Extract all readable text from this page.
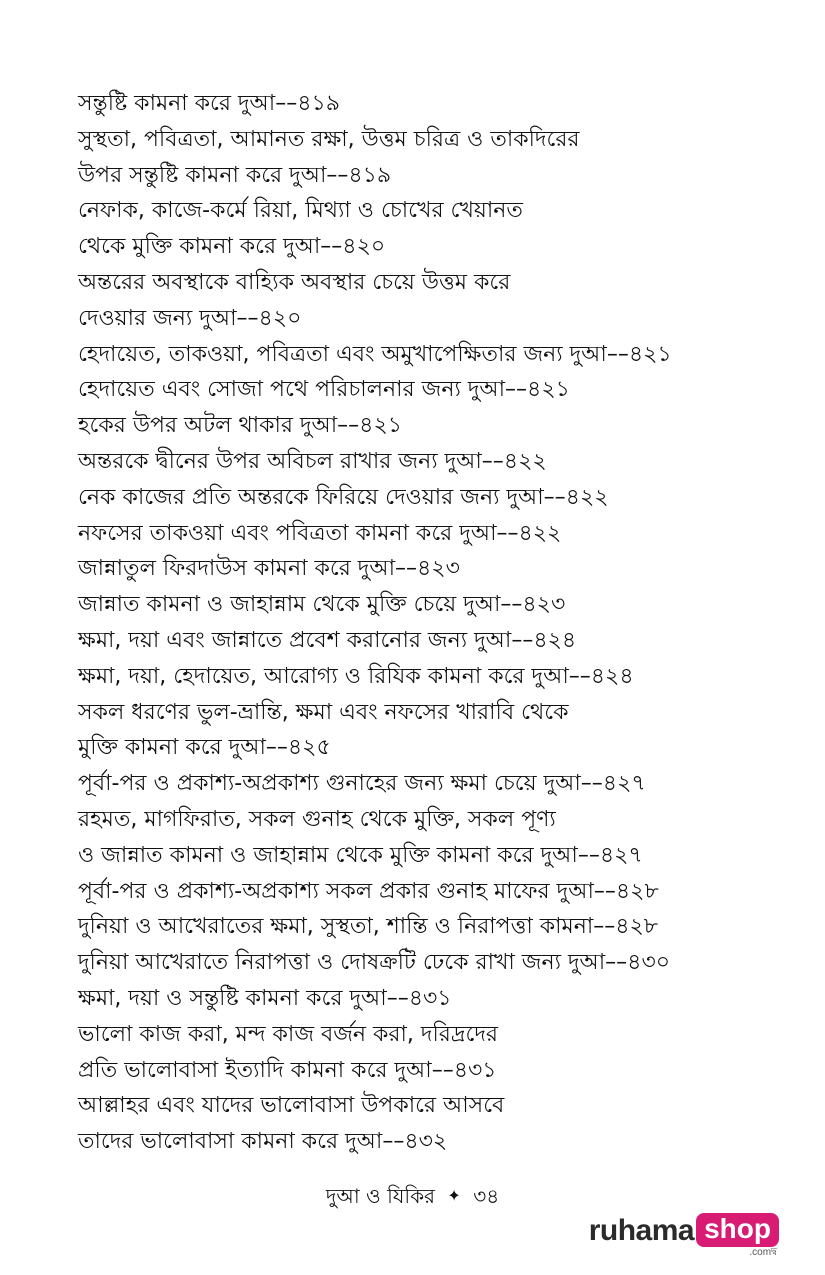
সন্তুষ্টি কামনা করে দুআ––৪১৯
সুস্থতা, পবিত্রতা, আমানত রক্ষা, উত্তম চরিত্র ও তাকদিরের
উপর সন্তুষ্টি কামনা করে দুআ––৪১৯
নেফাক, কাজে-কর্মে রিয়া, মিথ্যা ও চোখের খেয়ানত
থেকে মুক্তি কামনা করে দুআ––৪২০
অন্তরের অবস্থাকে বাহ্যিক অবস্থার চেয়ে উত্তম করে
দেওয়ার জন্য দুআ––৪২০
হেদায়েত, তাকওয়া, পবিত্রতা এবং অমুখাপেক্ষিতার জন্য দুআ––৪২১
হেদায়েত এবং সোজা পথে পরিচালনার জন্য দুআ––৪২১
হকের উপর অটল থাকার দুআ––৪২১
অন্তরকে দ্বীনের উপর অবিচল রাখার জন্য দুআ––৪২২
নেক কাজের প্রতি অন্তরকে ফিরিয়ে দেওয়ার জন্য দুআ––৪২২
নফসের তাকওয়া এবং পবিত্রতা কামনা করে দুআ––৪২২
জান্নাতুল ফিরদাউস কামনা করে দুআ––৪২৩
জান্নাত কামনা ও জাহান্নাম থেকে মুক্তি চেয়ে দুআ––৪২৩
ক্ষমা, দয়া এবং জান্নাতে প্রবেশ করানোর জন্য দুআ––৪২৪
ক্ষমা, দয়া, হেদায়েত, আরোগ্য ও রিযিক কামনা করে দুআ––৪২৪
সকল ধরণের ভুল-ভ্রান্তি, ক্ষমা এবং নফসের খারাবি থেকে
মুক্তি কামনা করে দুআ––৪২৫
পূর্বা-পর ও প্রকাশ্য-অপ্রকাশ্য গুনাহের জন্য ক্ষমা চেয়ে দুআ––৪২৭
রহমত, মাগফিরাত, সকল গুনাহ থেকে মুক্তি, সকল পূণ্য
ও জান্নাত কামনা ও জাহান্নাম থেকে মুক্তি কামনা করে দুআ––৪২৭
পূর্বা-পর ও প্রকাশ্য-অপ্রকাশ্য সকল প্রকার গুনাহ মাফের দুআ––৪২৮
দুনিয়া ও আখেরাতের ক্ষমা, সুস্থতা, শান্তি ও নিরাপত্তা কামনা––৪২৮
দুনিয়া আখেরাতে নিরাপত্তা ও দোষক্রটি ঢেকে রাখা জন্য দুআ––৪৩০
ক্ষমা, দয়া ও সন্তুষ্টি কামনা করে দুআ––৪৩১
ভালো কাজ করা, মন্দ কাজ বর্জন করা, দরিদ্রদের
প্রতি ভালোবাসা ইত্যাদি কামনা করে দুআ––৪৩১
আল্লাহর এবং যাদের ভালোবাসা উপকারে আসবে
তাদের ভালোবাসা কামনা করে দুআ––৪৩২
দুআ ও যিকির ✦ ৩৪
ruhama shop
.comদ্ব
